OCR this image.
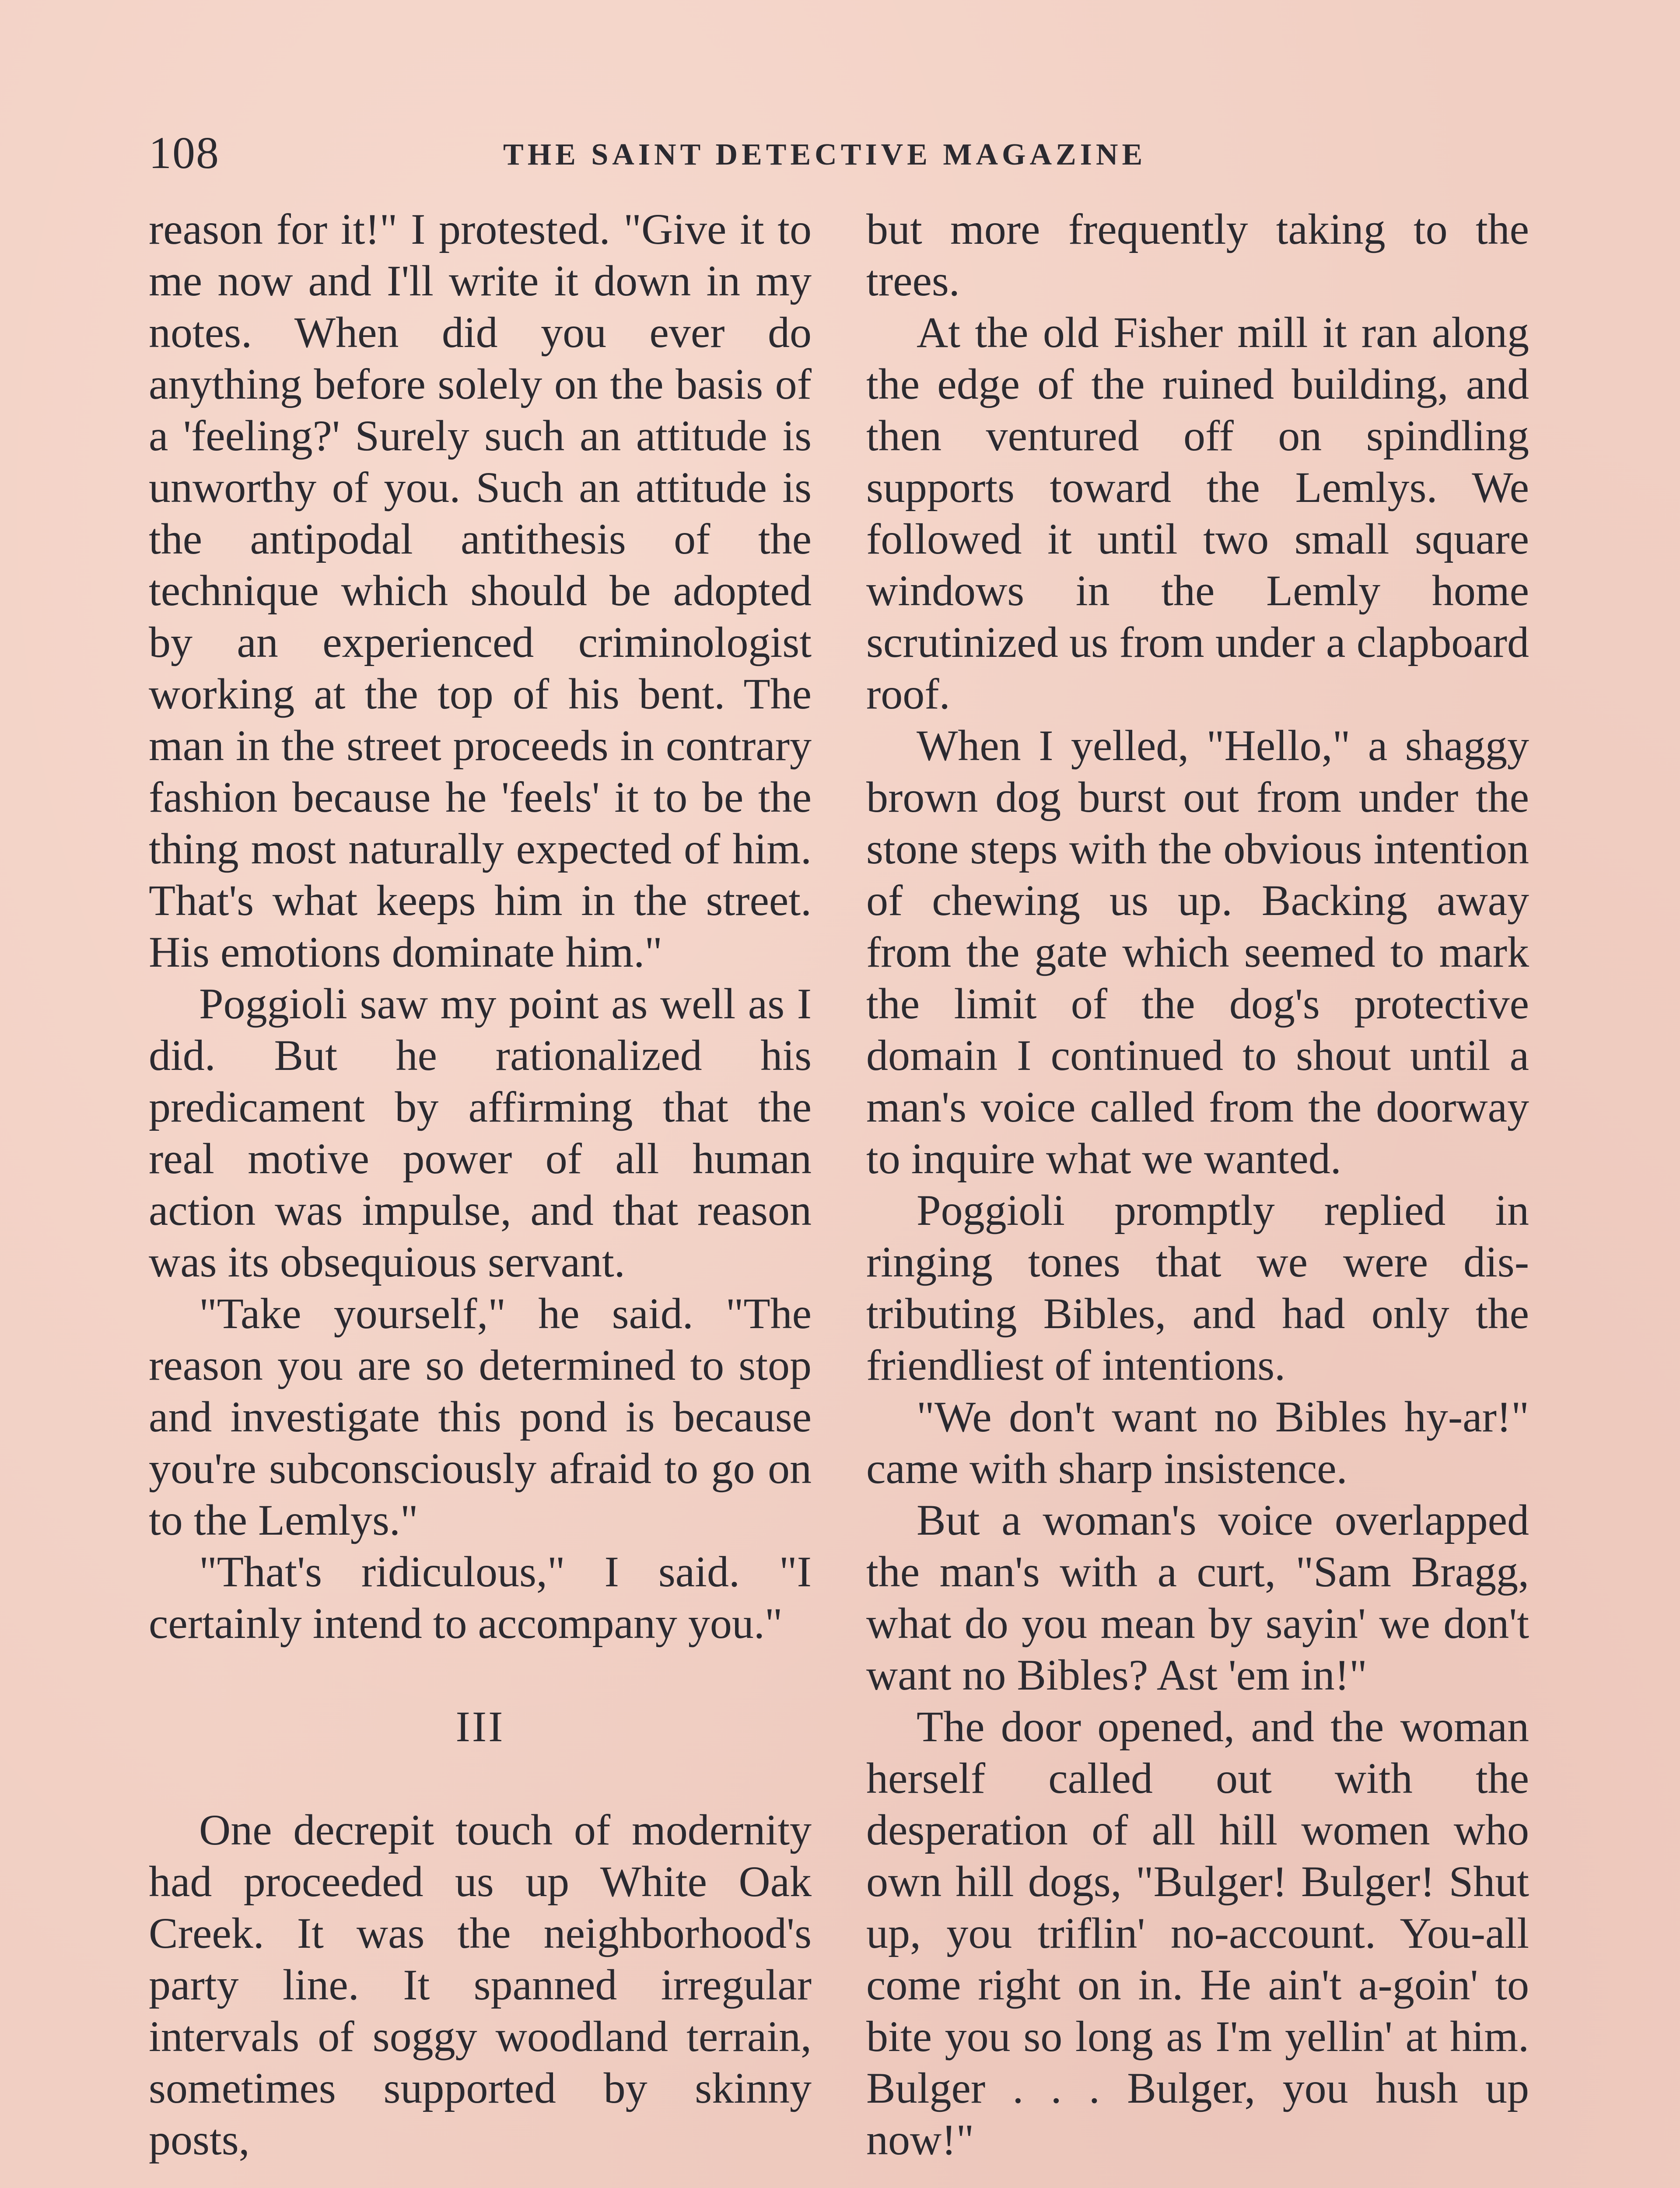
108	THE SAINT DETECTIVE MAGAZINE

reason for it!" I protested. "Give it to me now and I'll write it down in my notes. When did you ever do anything before solely on the basis of a 'feeling?' Surely such an attitude is unworthy of you. Such an attitude is the antipodal antithesis of the technique which should be adopted by an experienced criminologist working at the top of his bent. The man in the street proceeds in contrary fashion because he 'feels' it to be the thing most naturally expected of him. That's what keeps him in the street. His emotions dominate him."

Poggioli saw my point as well as I did. But he rationalized his predicament by affirming that the real motive power of all human action was impulse, and that reason was its obsequious servant.

"Take yourself," he said. "The reason you are so determined to stop and investigate this pond is because you're subconsciously afraid to go on to the Lemlys."

"That's ridiculous," I said. "I certainly intend to accompany you."

III

One decrepit touch of modernity had proceeded us up White Oak Creek. It was the neighborhood's party line. It spanned irregular intervals of soggy woodland terrain, sometimes supported by skinny posts,

but more frequently taking to the trees.

At the old Fisher mill it ran along the edge of the ruined building, and then ventured off on spindling supports toward the Lemlys. We followed it until two small square windows in the Lemly home scrutinized us from under a clapboard roof.

When I yelled, "Hello," a shaggy brown dog burst out from under the stone steps with the obvious intention of chewing us up. Backing away from the gate which seemed to mark the limit of the dog's protective domain I continued to shout until a man's voice called from the doorway to inquire what we wanted.

Poggioli promptly replied in ringing tones that we were distributing Bibles, and had only the friendliest of intentions.

"We don't want no Bibles hy-ar!" came with sharp insistence.

But a woman's voice overlapped the man's with a curt, "Sam Bragg, what do you mean by sayin' we don't want no Bibles? Ast 'em in!"

The door opened, and the woman herself called out with the desperation of all hill women who own hill dogs, "Bulger! Bulger! Shut up, you triflin' no-account. You-all come right on in. He ain't a-goin' to bite you so long as I'm yellin' at him. Bulger . . . Bulger, you hush up now!"
